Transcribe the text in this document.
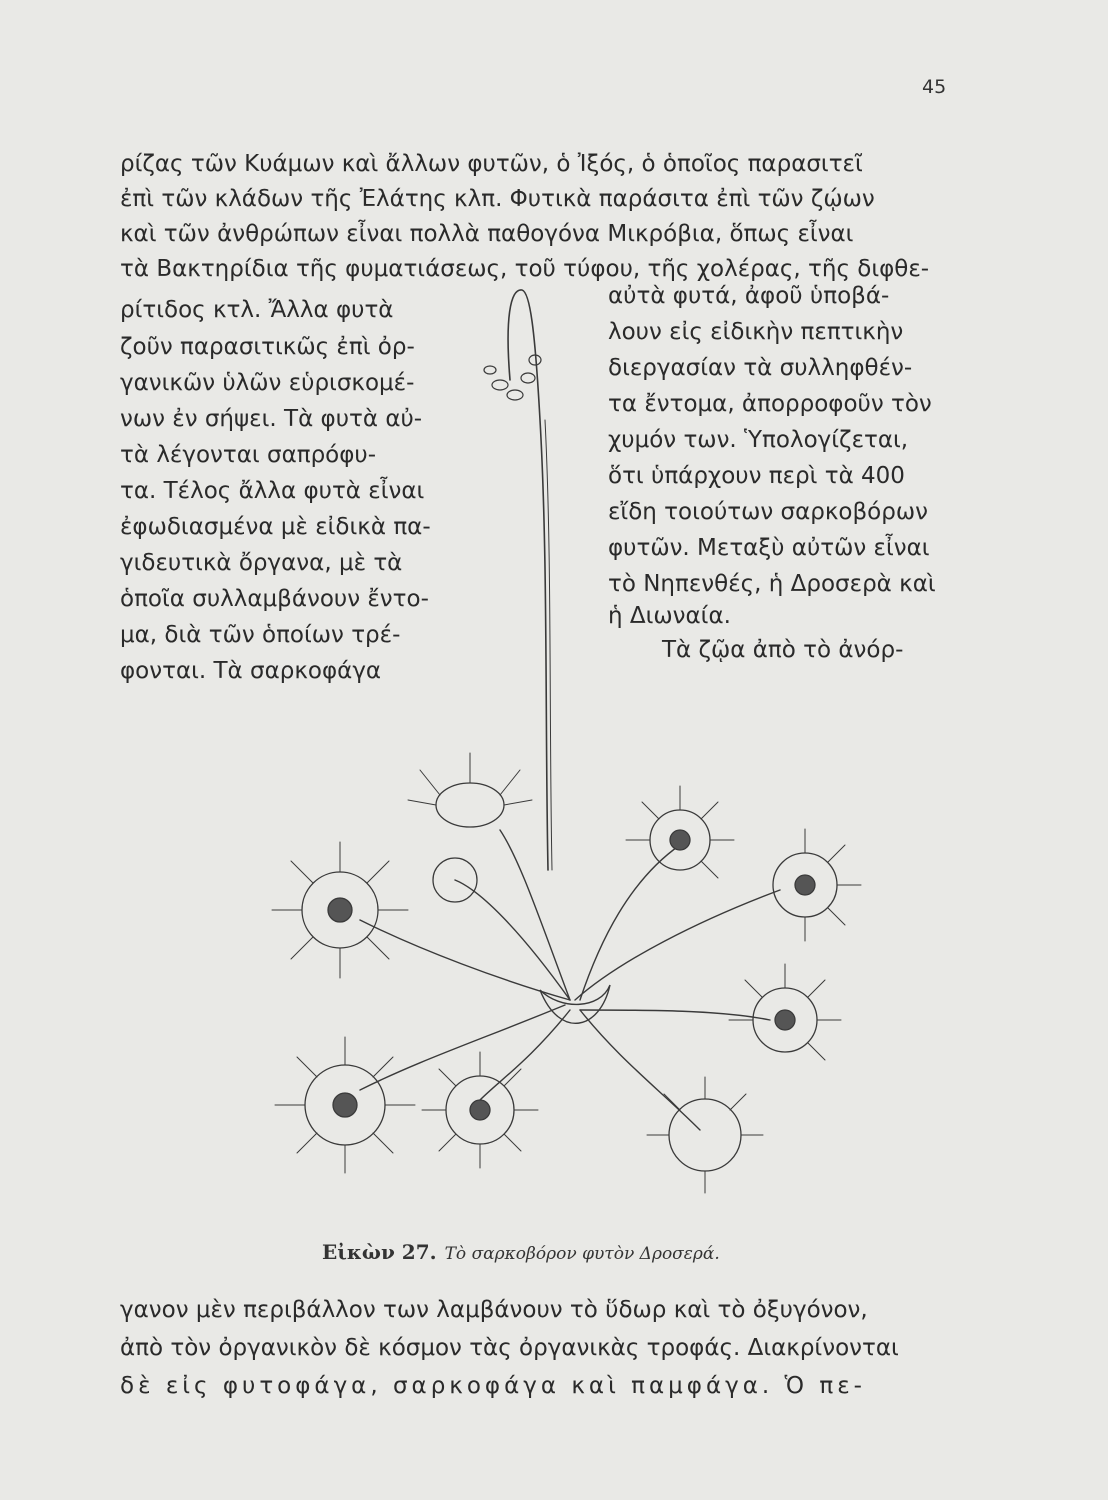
45
ρίζας τῶν Κυάμων καὶ ἄλλων φυτῶν, ὁ Ἰξός, ὁ ὁποῖος παρασιτεῖ
ἐπὶ τῶν κλάδων τῆς Ἐλάτης κλπ. Φυτικὰ παράσιτα ἐπὶ τῶν ζῴων
καὶ τῶν ἀνθρώπων εἶναι πολλὰ παθογόνα Μικρόβια, ὅπως εἶναι
τὰ Βακτηρίδια τῆς φυματιάσεως, τοῦ τύφου, τῆς χολέρας, τῆς διφθε-
ρίτιδος κτλ. Ἄλλα φυτὰ
ζοῦν παρασιτικῶς ἐπὶ ὀρ-
γανικῶν ὑλῶν εὑρισκομέ-
νων ἐν σήψει. Τὰ φυτὰ αὐ-
τὰ λέγονται σαπρόφυ-
τα. Τέλος ἄλλα φυτὰ εἶναι
ἐφωδιασμένα μὲ εἰδικὰ πα-
γιδευτικὰ ὄργανα, μὲ τὰ
ὁποῖα συλλαμβάνουν ἔντο-
μα, διὰ τῶν ὁποίων τρέ-
φονται. Τὰ σαρκοφάγα
αὐτὰ φυτά, ἀφοῦ ὑποβά-
λουν εἰς εἰδικὴν πεπτικὴν
διεργασίαν τὰ συλληφθέν-
τα ἔντομα, ἀπορροφοῦν τὸν
χυμόν των. Ὑπολογίζεται,
ὅτι ὑπάρχουν περὶ τὰ 400
εἴδη τοιούτων σαρκοβόρων
φυτῶν. Μεταξὺ αὐτῶν εἶναι
τὸ Νηπενθές, ἡ Δροσερὰ καὶ
ἡ Διωναία.
Τὰ ζῷα ἀπὸ τὸ ἀνόρ-
Εἰκὼν 27. Τὸ σαρκοβόρον φυτὸν Δροσερά.
γανον μὲν περιβάλλον των λαμβάνουν τὸ ὕδωρ καὶ τὸ ὀξυγόνον,
ἀπὸ τὸν ὀργανικὸν δὲ κόσμον τὰς ὀργανικὰς τροφάς. Διακρίνονται
δὲ εἰς φυτοφάγα, σαρκοφάγα καὶ παμφάγα. Ὁ πε-
